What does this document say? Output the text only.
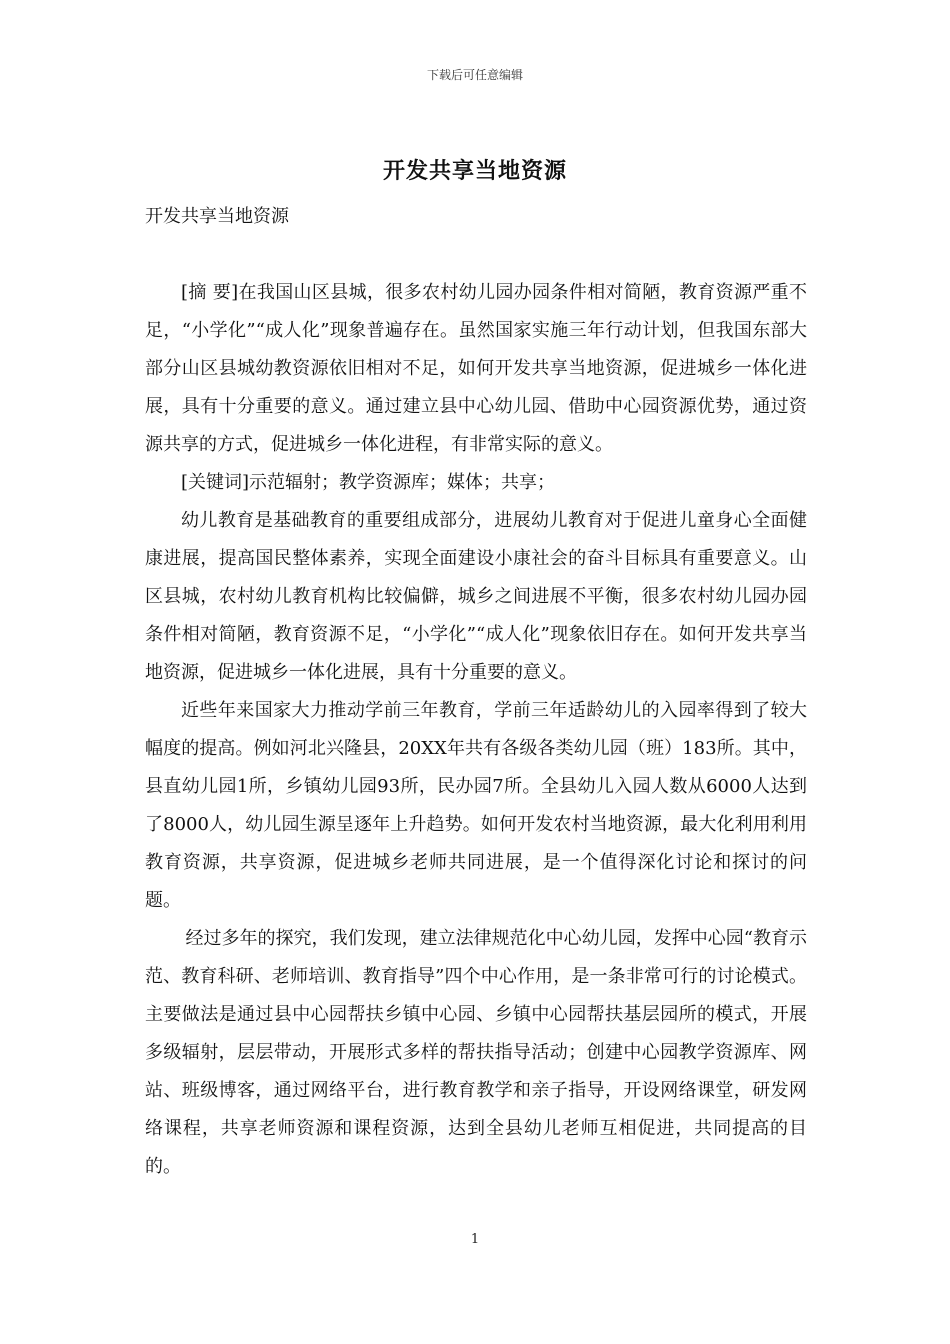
下载后可任意编辑
开发共享当地资源

开发共享当地资源

[摘 要]在我国山区县城，很多农村幼儿园办园条件相对简陋，教育资源严重不足，“小学化”“成人化”现象普遍存在。虽然国家实施三年行动计划，但我国东部大部分山区县城幼教资源依旧相对不足，如何开发共享当地资源，促进城乡一体化进展，具有十分重要的意义。通过建立县中心幼儿园、借助中心园资源优势，通过资源共享的方式，促进城乡一体化进程，有非常实际的意义。

[关键词]示范辐射；教学资源库；媒体；共享；

幼儿教育是基础教育的重要组成部分，进展幼儿教育对于促进儿童身心全面健康进展，提高国民整体素养，实现全面建设小康社会的奋斗目标具有重要意义。山区县城，农村幼儿教育机构比较偏僻，城乡之间进展不平衡，很多农村幼儿园办园条件相对简陋，教育资源不足，“小学化”“成人化”现象依旧存在。如何开发共享当地资源，促进城乡一体化进展，具有十分重要的意义。

近些年来国家大力推动学前三年教育，学前三年适龄幼儿的入园率得到了较大幅度的提高。例如河北兴隆县，20XX年共有各级各类幼儿园（班）183所。其中，县直幼儿园1所，乡镇幼儿园93所，民办园7所。全县幼儿入园人数从6000人达到了8000人，幼儿园生源呈逐年上升趋势。如何开发农村当地资源，最大化利用利用教育资源，共享资源，促进城乡老师共同进展，是一个值得深化讨论和探讨的问题。

经过多年的探究，我们发现，建立法律规范化中心幼儿园，发挥中心园“教育示范、教育科研、老师培训、教育指导”四个中心作用，是一条非常可行的讨论模式。主要做法是通过县中心园帮扶乡镇中心园、乡镇中心园帮扶基层园所的模式，开展多级辐射，层层带动，开展形式多样的帮扶指导活动；创建中心园教学资源库、网站、班级博客，通过网络平台，进行教育教学和亲子指导，开设网络课堂，研发网络课程，共享老师资源和课程资源，达到全县幼儿老师互相促进，共同提高的目的。

1
